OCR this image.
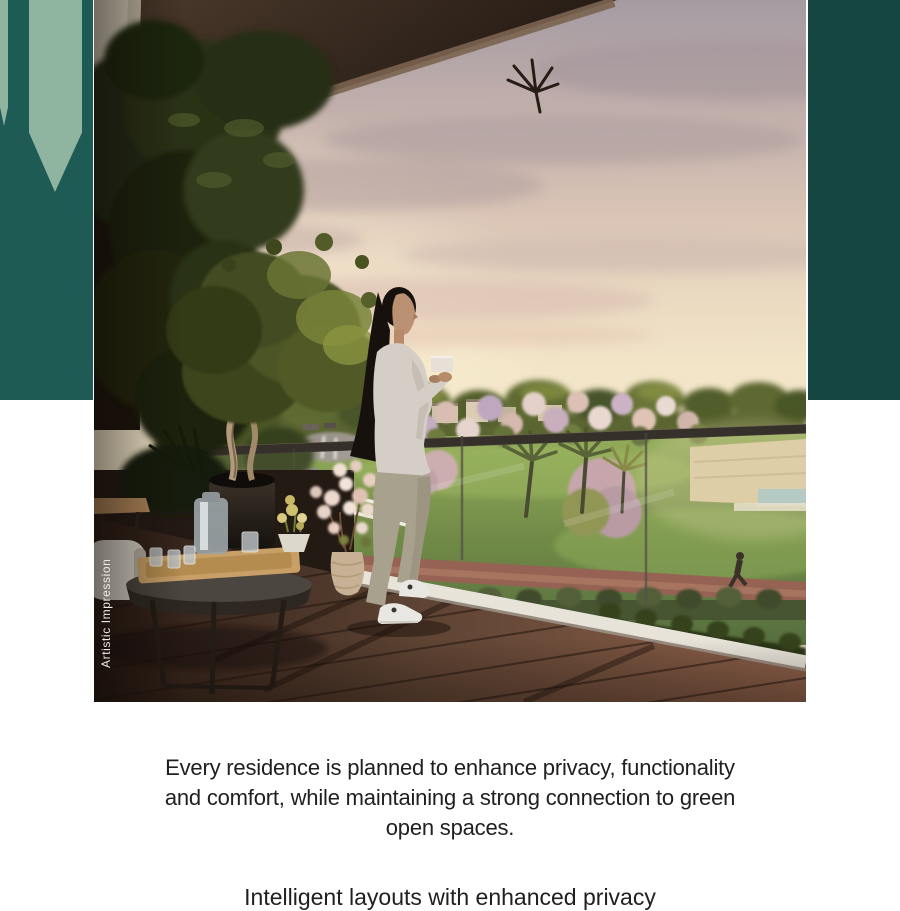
Artistic Impression
Every residence is planned to enhance privacy, functionality
and comfort, while maintaining a strong connection to green
open spaces.
Intelligent layouts with enhanced privacy
